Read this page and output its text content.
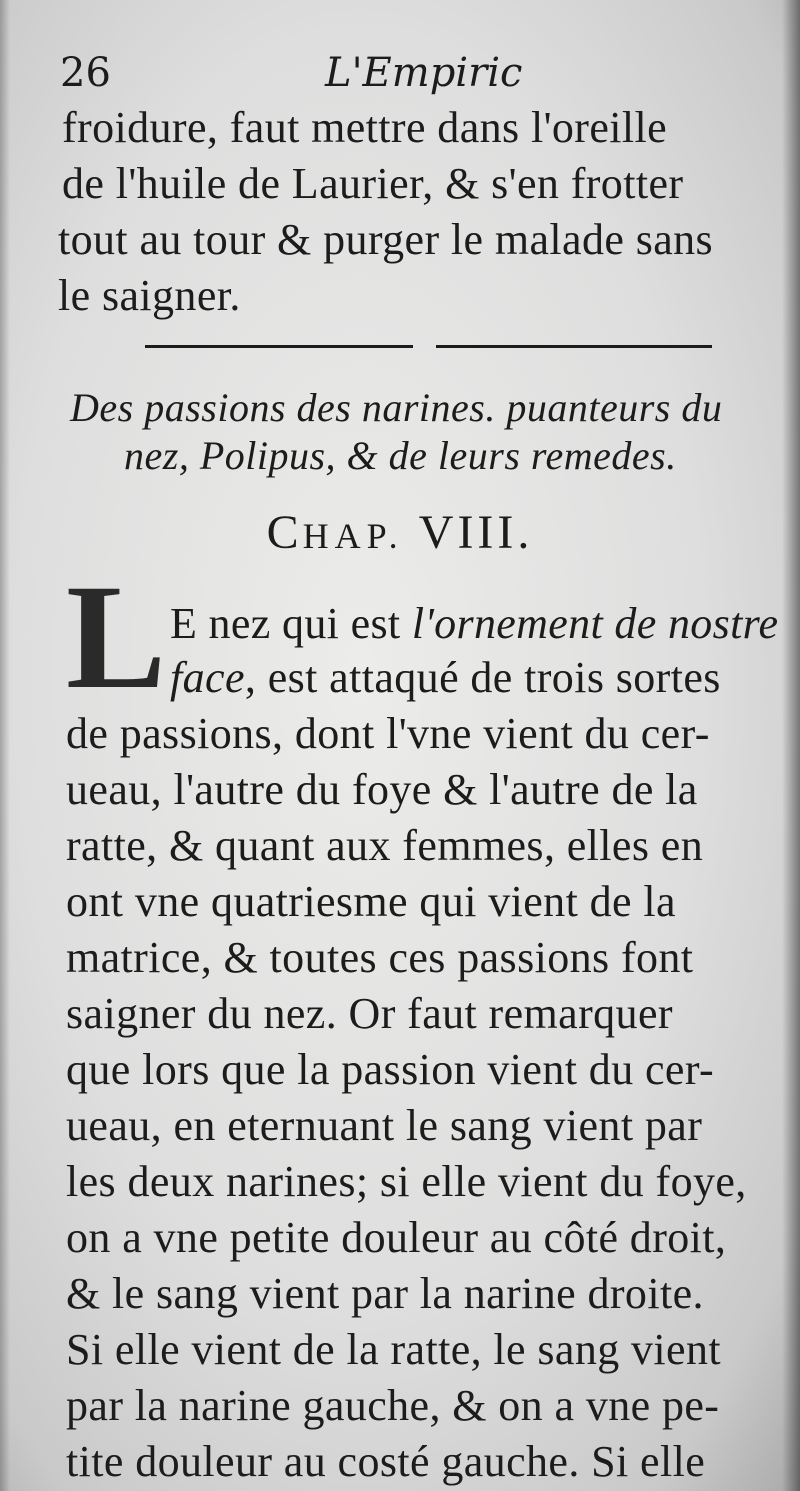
26	L'Empiric
froidure, faut mettre dans l'oreille
de l'huile de Laurier, & s'en frotter
tout au tour & purger le malade sans
le saigner.
Des passions des narines. puanteurs du
nez, Polipus, & de leurs remedes.
CHAP. VIII.
L E nez qui est l'ornement de nostre
face, est attaqué de trois sortes
de passions, dont l'vne vient du cer-
ueau, l'autre du foye & l'autre de la
ratte, & quant aux femmes, elles en
ont vne quatriesme qui vient de la
matrice, & toutes ces passions font
saigner du nez. Or faut remarquer
que lors que la passion vient du cer-
ueau, en eternuant le sang vient par
les deux narines; si elle vient du foye,
on a vne petite douleur au côté droit,
& le sang vient par la narine droite.
Si elle vient de la ratte, le sang vient
par la narine gauche, & on a vne pe-
tite douleur au costé gauche. Si elle
